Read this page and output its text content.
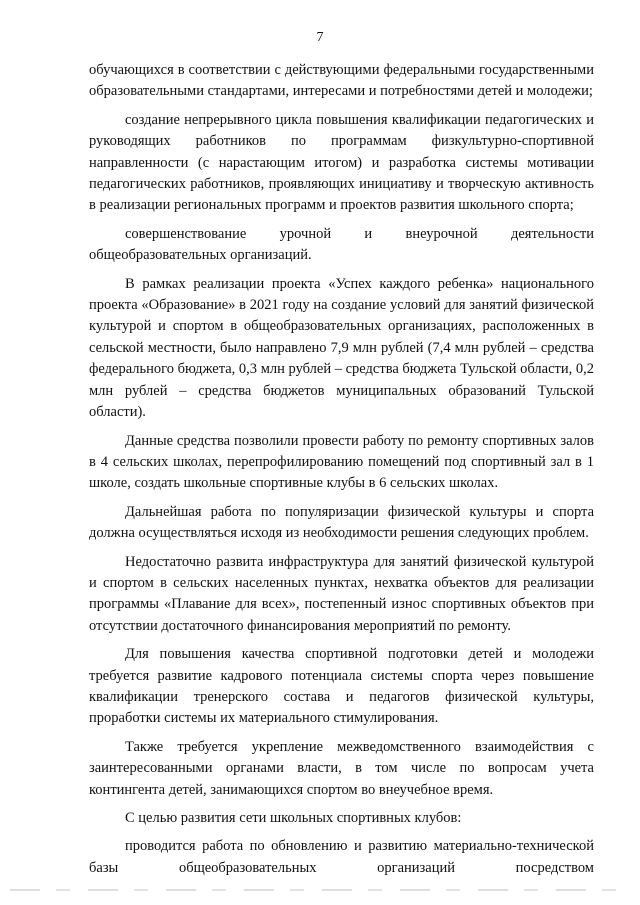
7

обучающихся в соответствии с действующими федеральными государственными образовательными стандартами, интересами и потребностями детей и молодежи;

создание непрерывного цикла повышения квалификации педагогических и руководящих работников по программам физкультурно-спортивной направленности (с нарастающим итогом) и разработка системы мотивации педагогических работников, проявляющих инициативу и творческую активность в реализации региональных программ и проектов развития школьного спорта;

совершенствование урочной и внеурочной деятельности общеобразовательных организаций.

В рамках реализации проекта «Успех каждого ребенка» национального проекта «Образование» в 2021 году на создание условий для занятий физической культурой и спортом в общеобразовательных организациях, расположенных в сельской местности, было направлено 7,9 млн рублей (7,4 млн рублей – средства федерального бюджета, 0,3 млн рублей – средства бюджета Тульской области, 0,2 млн рублей – средства бюджетов муниципальных образований Тульской области).

Данные средства позволили провести работу по ремонту спортивных залов в 4 сельских школах, перепрофилированию помещений под спортивный зал в 1 школе, создать школьные спортивные клубы в 6 сельских школах.

Дальнейшая работа по популяризации физической культуры и спорта должна осуществляться исходя из необходимости решения следующих проблем.

Недостаточно развита инфраструктура для занятий физической культурой и спортом в сельских населенных пунктах, нехватка объектов для реализации программы «Плавание для всех», постепенный износ спортивных объектов при отсутствии достаточного финансирования мероприятий по ремонту.

Для повышения качества спортивной подготовки детей и молодежи требуется развитие кадрового потенциала системы спорта через повышение квалификации тренерского состава и педагогов физической культуры, проработки системы их материального стимулирования.

Также требуется укрепление межведомственного взаимодействия с заинтересованными органами власти, в том числе по вопросам учета контингента детей, занимающихся спортом во внеучебное время.

С целью развития сети школьных спортивных клубов:

проводится работа по обновлению и развитию материально-технической базы общеобразовательных организаций посредством
